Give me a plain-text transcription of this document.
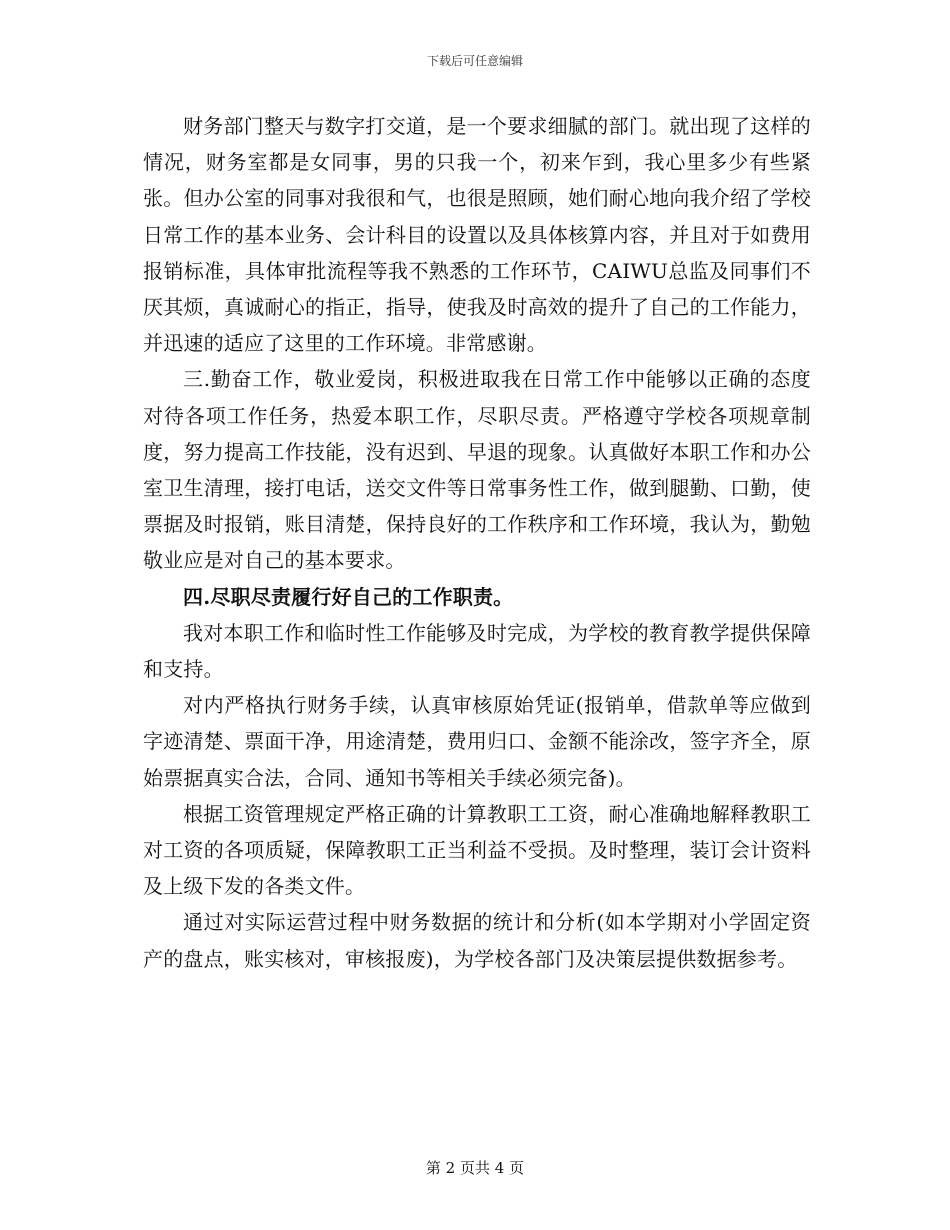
下载后可任意编辑

财务部门整天与数字打交道，是一个要求细腻的部门。就出现了这样的情况，财务室都是女同事，男的只我一个，初来乍到，我心里多少有些紧张。但办公室的同事对我很和气，也很是照顾，她们耐心地向我介绍了学校日常工作的基本业务、会计科目的设置以及具体核算内容，并且对于如费用报销标准，具体审批流程等我不熟悉的工作环节，CAIWU总监及同事们不厌其烦，真诚耐心的指正，指导，使我及时高效的提升了自己的工作能力，并迅速的适应了这里的工作环境。非常感谢。

三.勤奋工作，敬业爱岗，积极进取我在日常工作中能够以正确的态度对待各项工作任务，热爱本职工作，尽职尽责。严格遵守学校各项规章制度，努力提高工作技能，没有迟到、早退的现象。认真做好本职工作和办公室卫生清理，接打电话，送交文件等日常事务性工作，做到腿勤、口勤，使票据及时报销，账目清楚，保持良好的工作秩序和工作环境，我认为，勤勉敬业应是对自己的基本要求。

四.尽职尽责履行好自己的工作职责。

我对本职工作和临时性工作能够及时完成，为学校的教育教学提供保障和支持。

对内严格执行财务手续，认真审核原始凭证(报销单，借款单等应做到字迹清楚、票面干净，用途清楚，费用归口、金额不能涂改，签字齐全，原始票据真实合法，合同、通知书等相关手续必须完备)。

根据工资管理规定严格正确的计算教职工工资，耐心准确地解释教职工对工资的各项质疑，保障教职工正当利益不受损。及时整理，装订会计资料及上级下发的各类文件。

通过对实际运营过程中财务数据的统计和分析(如本学期对小学固定资产的盘点，账实核对，审核报废)，为学校各部门及决策层提供数据参考。

第 2 页共 4 页
